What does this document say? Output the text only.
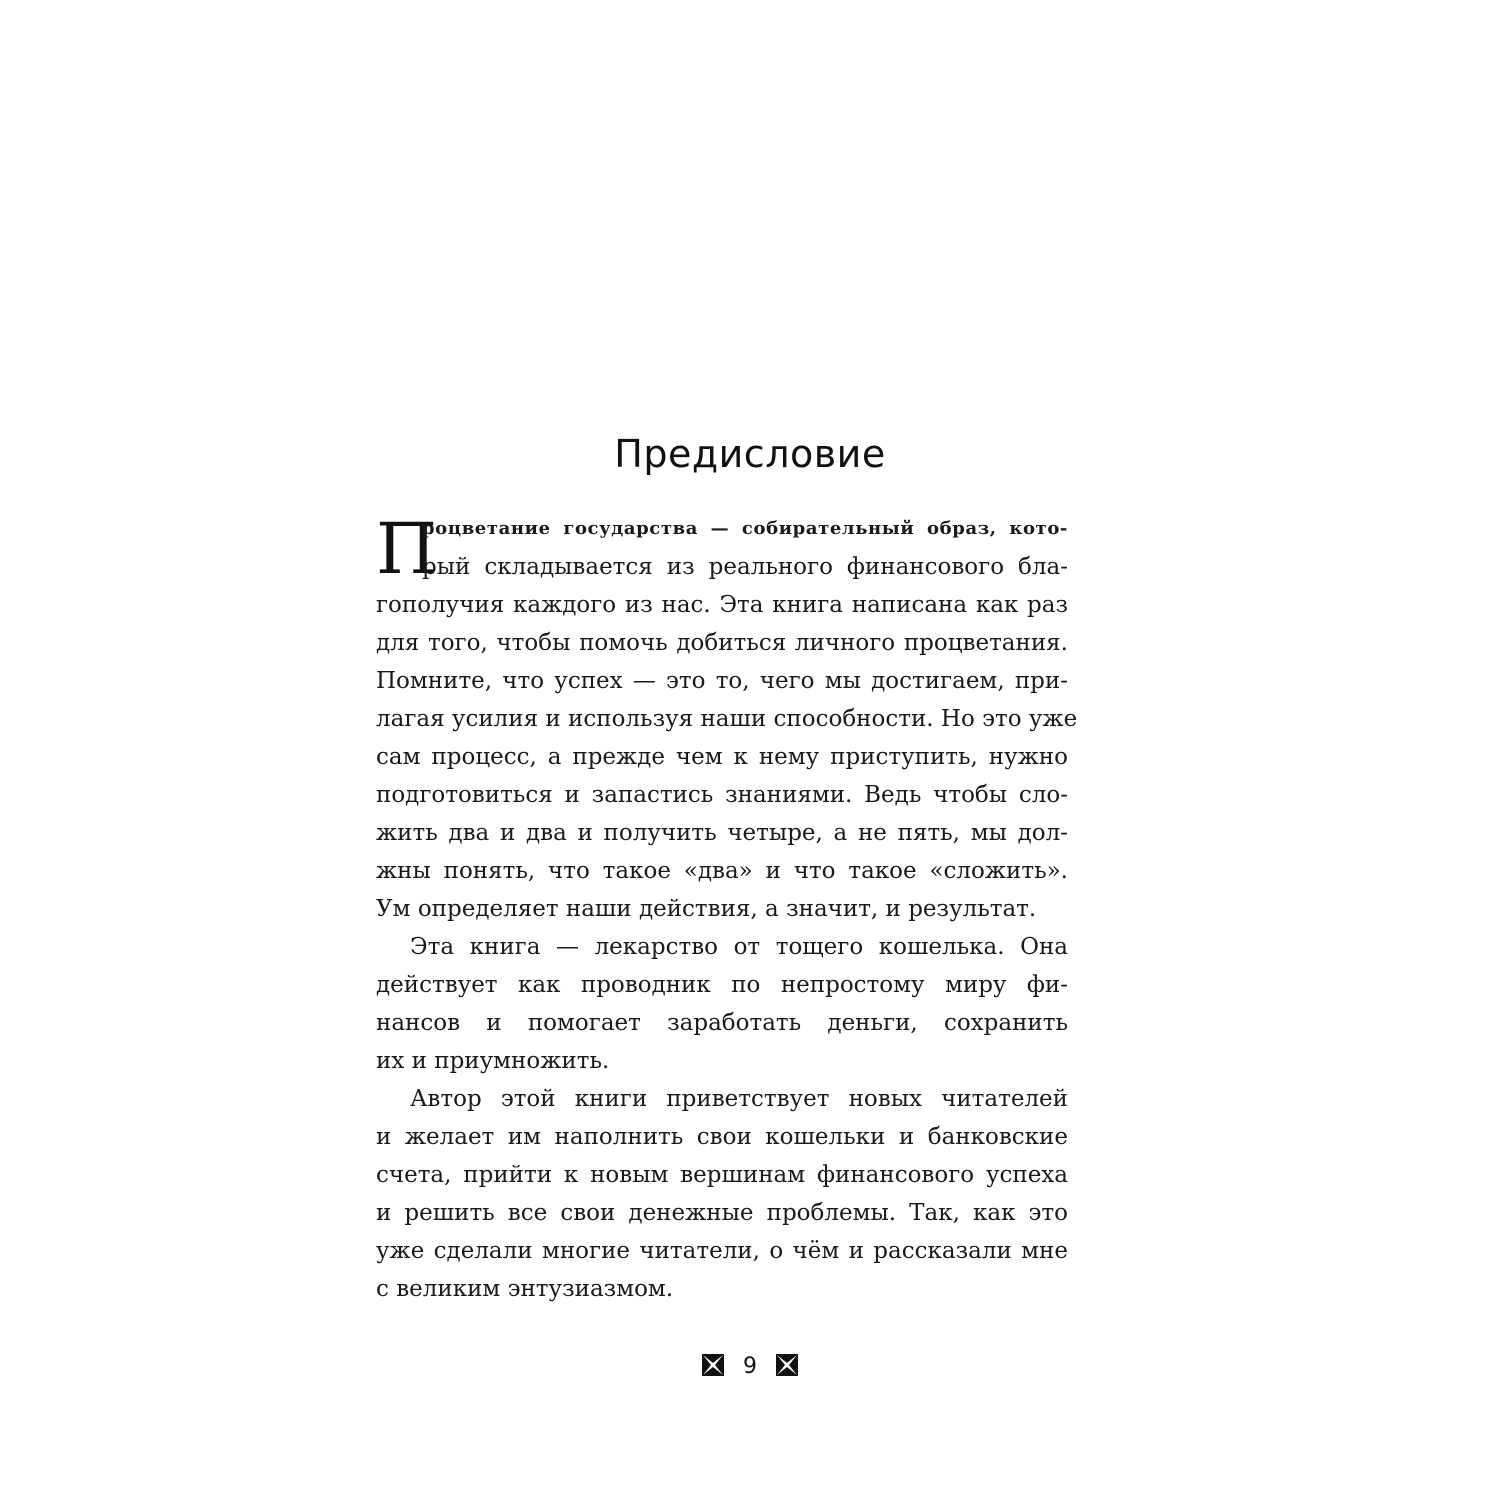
Предисловие
П
роцветание государства — собирательный образ, кото-
рый складывается из реального финансового бла-
гополучия каждого из нас. Эта книга написана как раз
для того, чтобы помочь добиться личного процветания.
Помните, что успех — это то, чего мы достигаем, при-
лагая усилия и используя наши способности. Но это уже
сам процесс, а прежде чем к нему приступить, нужно
подготовиться и запастись знаниями. Ведь чтобы сло-
жить два и два и получить четыре, а не пять, мы дол-
жны понять, что такое «два» и что такое «сложить».
Ум определяет наши действия, а значит, и результат.
Эта книга — лекарство от тощего кошелька. Она
действует как проводник по непростому миру фи-
нансов и помогает заработать деньги, сохранить
их и приумножить.
Автор этой книги приветствует новых читателей
и желает им наполнить свои кошельки и банковские
счета, прийти к новым вершинам финансового успеха
и решить все свои денежные проблемы. Так, как это
уже сделали многие читатели, о чём и рассказали мне
с великим энтузиазмом.
9
